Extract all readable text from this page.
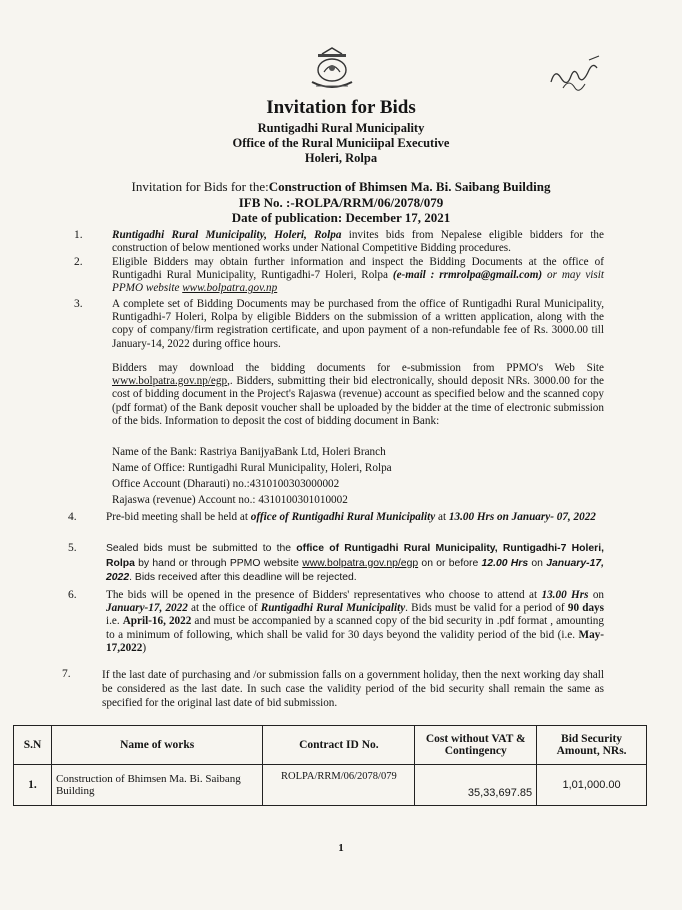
Invitation for Bids
Runtigadhi Rural Municipality
Office of the Rural Municiipal Executive
Holeri, Rolpa
Invitation for Bids for the:Construction of Bhimsen Ma. Bi. Saibang Building
IFB No. :-ROLPA/RRM/06/2078/079
Date of publication: December 17, 2021
1.	Runtigadhi Rural Municipality, Holeri, Rolpa invites bids from Nepalese eligible bidders for the construction of below mentioned works under National Competitive Bidding procedures.
2.	Eligible Bidders may obtain further information and inspect the Bidding Documents at the office of Runtigadhi Rural Municipality, Runtigadhi-7 Holeri, Rolpa (e-mail : rrmrolpa@gmail.com) or may visit PPMO website www.bolpatra.gov.np
3.	A complete set of Bidding Documents may be purchased from the office of Runtigadhi Rural Municipality, Runtigadhi-7 Holeri, Rolpa by eligible Bidders on the submission of a written application, along with the copy of company/firm registration certificate, and upon payment of a non-refundable fee of Rs. 3000.00 till January-14, 2022 during office hours.
Bidders may download the bidding documents for e-submission from PPMO's Web Site www.bolpatra.gov.np/egp,. Bidders, submitting their bid electronically, should deposit NRs. 3000.00 for the cost of bidding document in the Project's Rajaswa (revenue) account as specified below and the scanned copy (pdf format) of the Bank deposit voucher shall be uploaded by the bidder at the time of electronic submission of the bids. Information to deposit the cost of bidding document in Bank:
Name of the Bank: Rastriya BanijyaBank Ltd, Holeri Branch
Name of Office: Runtigadhi Rural Municipality, Holeri, Rolpa
Office Account (Dharauti) no.:4310100303000002
Rajaswa (revenue) Account no.: 4310100301010002
4.	Pre-bid meeting shall be held at office of Runtigadhi Rural Municipality at 13.00 Hrs on January- 07, 2022
5.	Sealed bids must be submitted to the office of Runtigadhi Rural Municipality, Runtigadhi-7 Holeri, Rolpa by hand or through PPMO website www.bolpatra.gov.np/egp on or before 12.00 Hrs on January-17, 2022. Bids received after this deadline will be rejected.
6.	The bids will be opened in the presence of Bidders' representatives who choose to attend at 13.00 Hrs on January-17, 2022 at the office of Runtigadhi Rural Municipality. Bids must be valid for a period of 90 days i.e. April-16, 2022 and must be accompanied by a scanned copy of the bid security in .pdf format , amounting to a minimum of following, which shall be valid for 30 days beyond the validity period of the bid (i.e. May-17,2022)
7.	If the last date of purchasing and /or submission falls on a government holiday, then the next working day shall be considered as the last date. In such case the validity period of the bid security shall remain the same as specified for the original last date of bid submission.
S.N	Name of works	Contract ID No.	Cost without VAT & Contingency	Bid Security Amount, NRs.
1.	Construction of Bhimsen Ma. Bi. Saibang Building	ROLPA/RRM/06/2078/079	35,33,697.85	1,01,000.00
1
